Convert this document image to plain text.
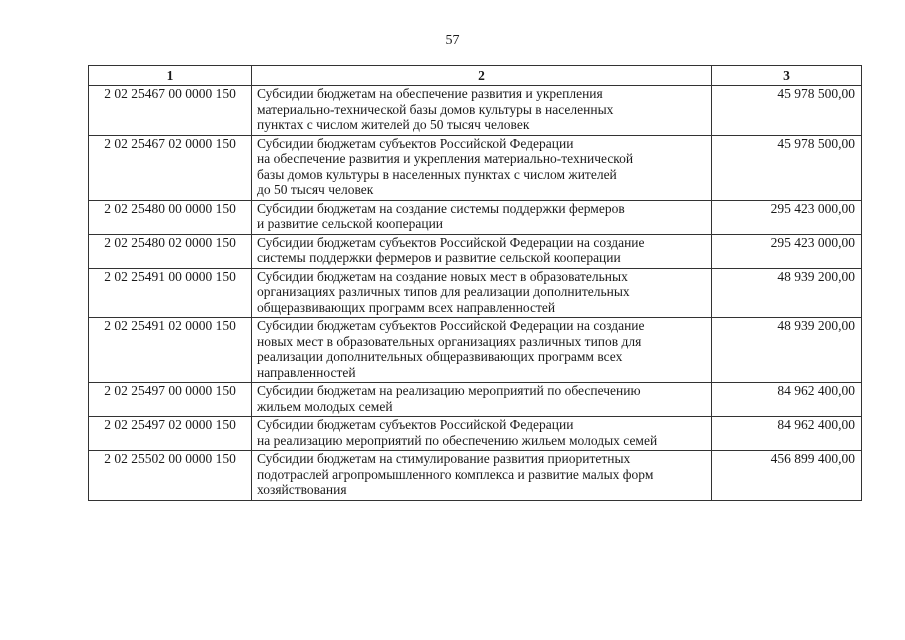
57
1	2	3
2 02 25467 00 0000 150	Субсидии бюджетам на обеспечение развития и укрепления
материально-технической базы домов культуры в населенных
пунктах с числом жителей до 50 тысяч человек	45 978 500,00
2 02 25467 02 0000 150	Субсидии бюджетам субъектов Российской Федерации
на обеспечение развития и укрепления материально-технической
базы домов культуры в населенных пунктах с числом жителей
до 50 тысяч человек	45 978 500,00
2 02 25480 00 0000 150	Субсидии бюджетам на создание системы поддержки фермеров
и развитие сельской кооперации	295 423 000,00
2 02 25480 02 0000 150	Субсидии бюджетам субъектов Российской Федерации на создание
системы поддержки фермеров и развитие сельской кооперации	295 423 000,00
2 02 25491 00 0000 150	Субсидии бюджетам на создание новых мест в образовательных
организациях различных типов для реализации дополнительных
общеразвивающих программ всех направленностей	48 939 200,00
2 02 25491 02 0000 150	Субсидии бюджетам субъектов Российской Федерации на создание
новых мест в образовательных организациях различных типов для
реализации дополнительных общеразвивающих программ всех
направленностей	48 939 200,00
2 02 25497 00 0000 150	Субсидии бюджетам на реализацию мероприятий по обеспечению
жильем молодых семей	84 962 400,00
2 02 25497 02 0000 150	Субсидии бюджетам субъектов Российской Федерации
на реализацию мероприятий по обеспечению жильем молодых семей	84 962 400,00
2 02 25502 00 0000 150	Субсидии бюджетам на стимулирование развития приоритетных
подотраслей агропромышленного комплекса и развитие малых форм
хозяйствования	456 899 400,00
